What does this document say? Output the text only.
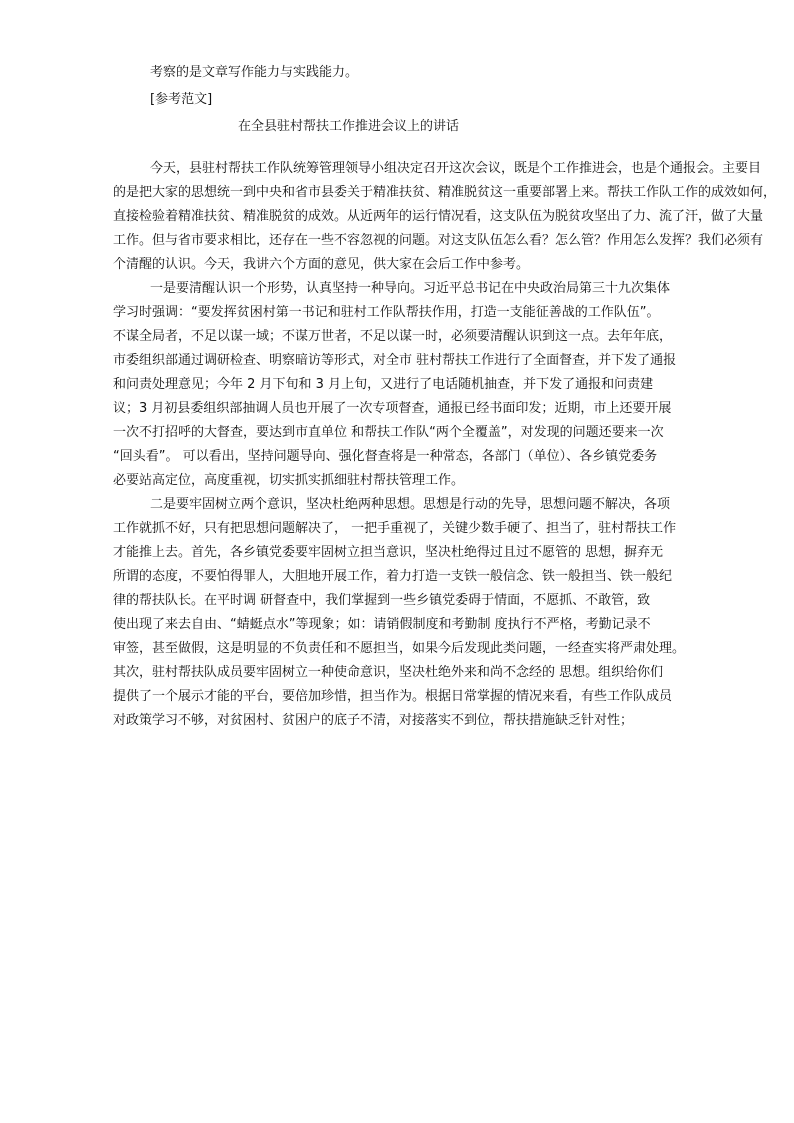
考察的是文章写作能力与实践能力。
[参考范文]
在全县驻村帮扶工作推进会议上的讲话
今天，县驻村帮扶工作队统筹管理领导小组决定召开这次会议，既是个工作推进会，也是个通报会。主要目
的是把大家的思想统一到中央和省市县委关于精准扶贫、精准脱贫这一重要部署上来。帮扶工作队工作的成效如何，
直接检验着精准扶贫、精准脱贫的成效。从近两年的运行情况看，这支队伍为脱贫攻坚出了力、流了汗，做了大量
工作。但与省市要求相比，还存在一些不容忽视的问题。对这支队伍怎么看？怎么管？作用怎么发挥？我们必须有
个清醒的认识。今天，我讲六个方面的意见，供大家在会后工作中参考。
一是要清醒认识一个形势，认真坚持一种导向。习近平总书记在中央政治局第三十九次集体
学习时强调：“要发挥贫困村第一书记和驻村工作队帮扶作用，打造一支能征善战的工作队伍”。
不谋全局者，不足以谋一域；不谋万世者，不足以谋一时，必须要清醒认识到这一点。去年年底，
市委组织部通过调研检查、明察暗访等形式，对全市 驻村帮扶工作进行了全面督查，并下发了通报
和问责处理意见；今年 2 月下旬和 3 月上旬，又进行了电话随机抽查，并下发了通报和问责建
议；3 月初县委组织部抽调人员也开展了一次专项督查，通报已经书面印发；近期，市上还要开展
一次不打招呼的大督查，要达到市直单位 和帮扶工作队“两个全覆盖”，对发现的问题还要来一次
“回头看”。 可以看出，坚持问题导向、强化督查将是一种常态，各部门（单位）、各乡镇党委务
必要站高定位，高度重视，切实抓实抓细驻村帮扶管理工作。
二是要牢固树立两个意识，坚决杜绝两种思想。思想是行动的先导，思想问题不解决，各项
工作就抓不好，只有把思想问题解决了， 一把手重视了，关键少数手硬了、担当了，驻村帮扶工作
才能推上去。首先，各乡镇党委要牢固树立担当意识，坚决杜绝得过且过不愿管的 思想，摒弃无
所谓的态度，不要怕得罪人，大胆地开展工作，着力打造一支铁一般信念、铁一般担当、铁一般纪
律的帮扶队长。在平时调 研督查中，我们掌握到一些乡镇党委碍于情面，不愿抓、不敢管，致
使出现了来去自由、“蜻蜓点水”等现象；如：请销假制度和考勤制 度执行不严格，考勤记录不
审签，甚至做假，这是明显的不负责任和不愿担当，如果今后发现此类问题，一经查实将严肃处理。
其次，驻村帮扶队成员要牢固树立一种使命意识，坚决杜绝外来和尚不念经的 思想。组织给你们
提供了一个展示才能的平台，要倍加珍惜，担当作为。根据日常掌握的情况来看，有些工作队成员
对政策学习不够，对贫困村、贫困户的底子不清，对接落实不到位，帮扶措施缺乏针对性；
